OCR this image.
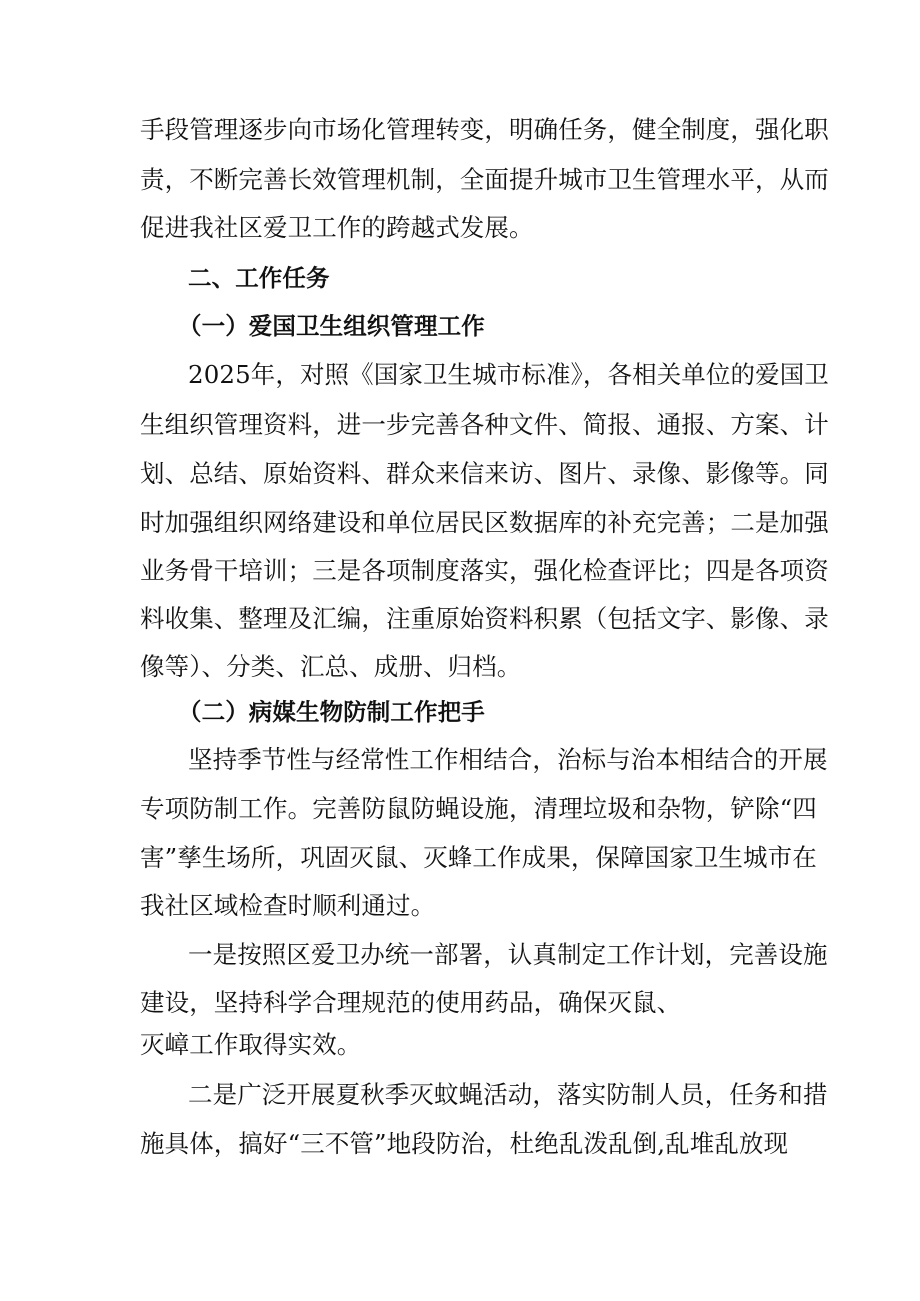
手段管理逐步向市场化管理转变，明确任务，健全制度，强化职
责，不断完善长效管理机制，全面提升城市卫生管理水平，从而
促进我社区爱卫工作的跨越式发展。
二、工作任务
（一）爱国卫生组织管理工作
2025年，对照《国家卫生城市标准》，各相关单位的爱国卫
生组织管理资料，进一步完善各种文件、简报、通报、方案、计
划、总结、原始资料、群众来信来访、图片、录像、影像等。同
时加强组织网络建设和单位居民区数据库的补充完善；二是加强
业务骨干培训；三是各项制度落实，强化检查评比；四是各项资
料收集、整理及汇编，注重原始资料积累（包括文字、影像、录
像等）、分类、汇总、成册、归档。
（二）病媒生物防制工作把手
坚持季节性与经常性工作相结合，治标与治本相结合的开展
专项防制工作。完善防鼠防蝇设施，清理垃圾和杂物，铲除“四
害”孳生场所，巩固灭鼠、灭蜂工作成果，保障国家卫生城市在
我社区域检查时顺利通过。
一是按照区爱卫办统一部署，认真制定工作计划，完善设施
建设，坚持科学合理规范的使用药品，确保灭鼠、
灭嶂工作取得实效。
二是广泛开展夏秋季灭蚊蝇活动，落实防制人员，任务和措
施具体，搞好“三不管”地段防治，杜绝乱泼乱倒,乱堆乱放现
